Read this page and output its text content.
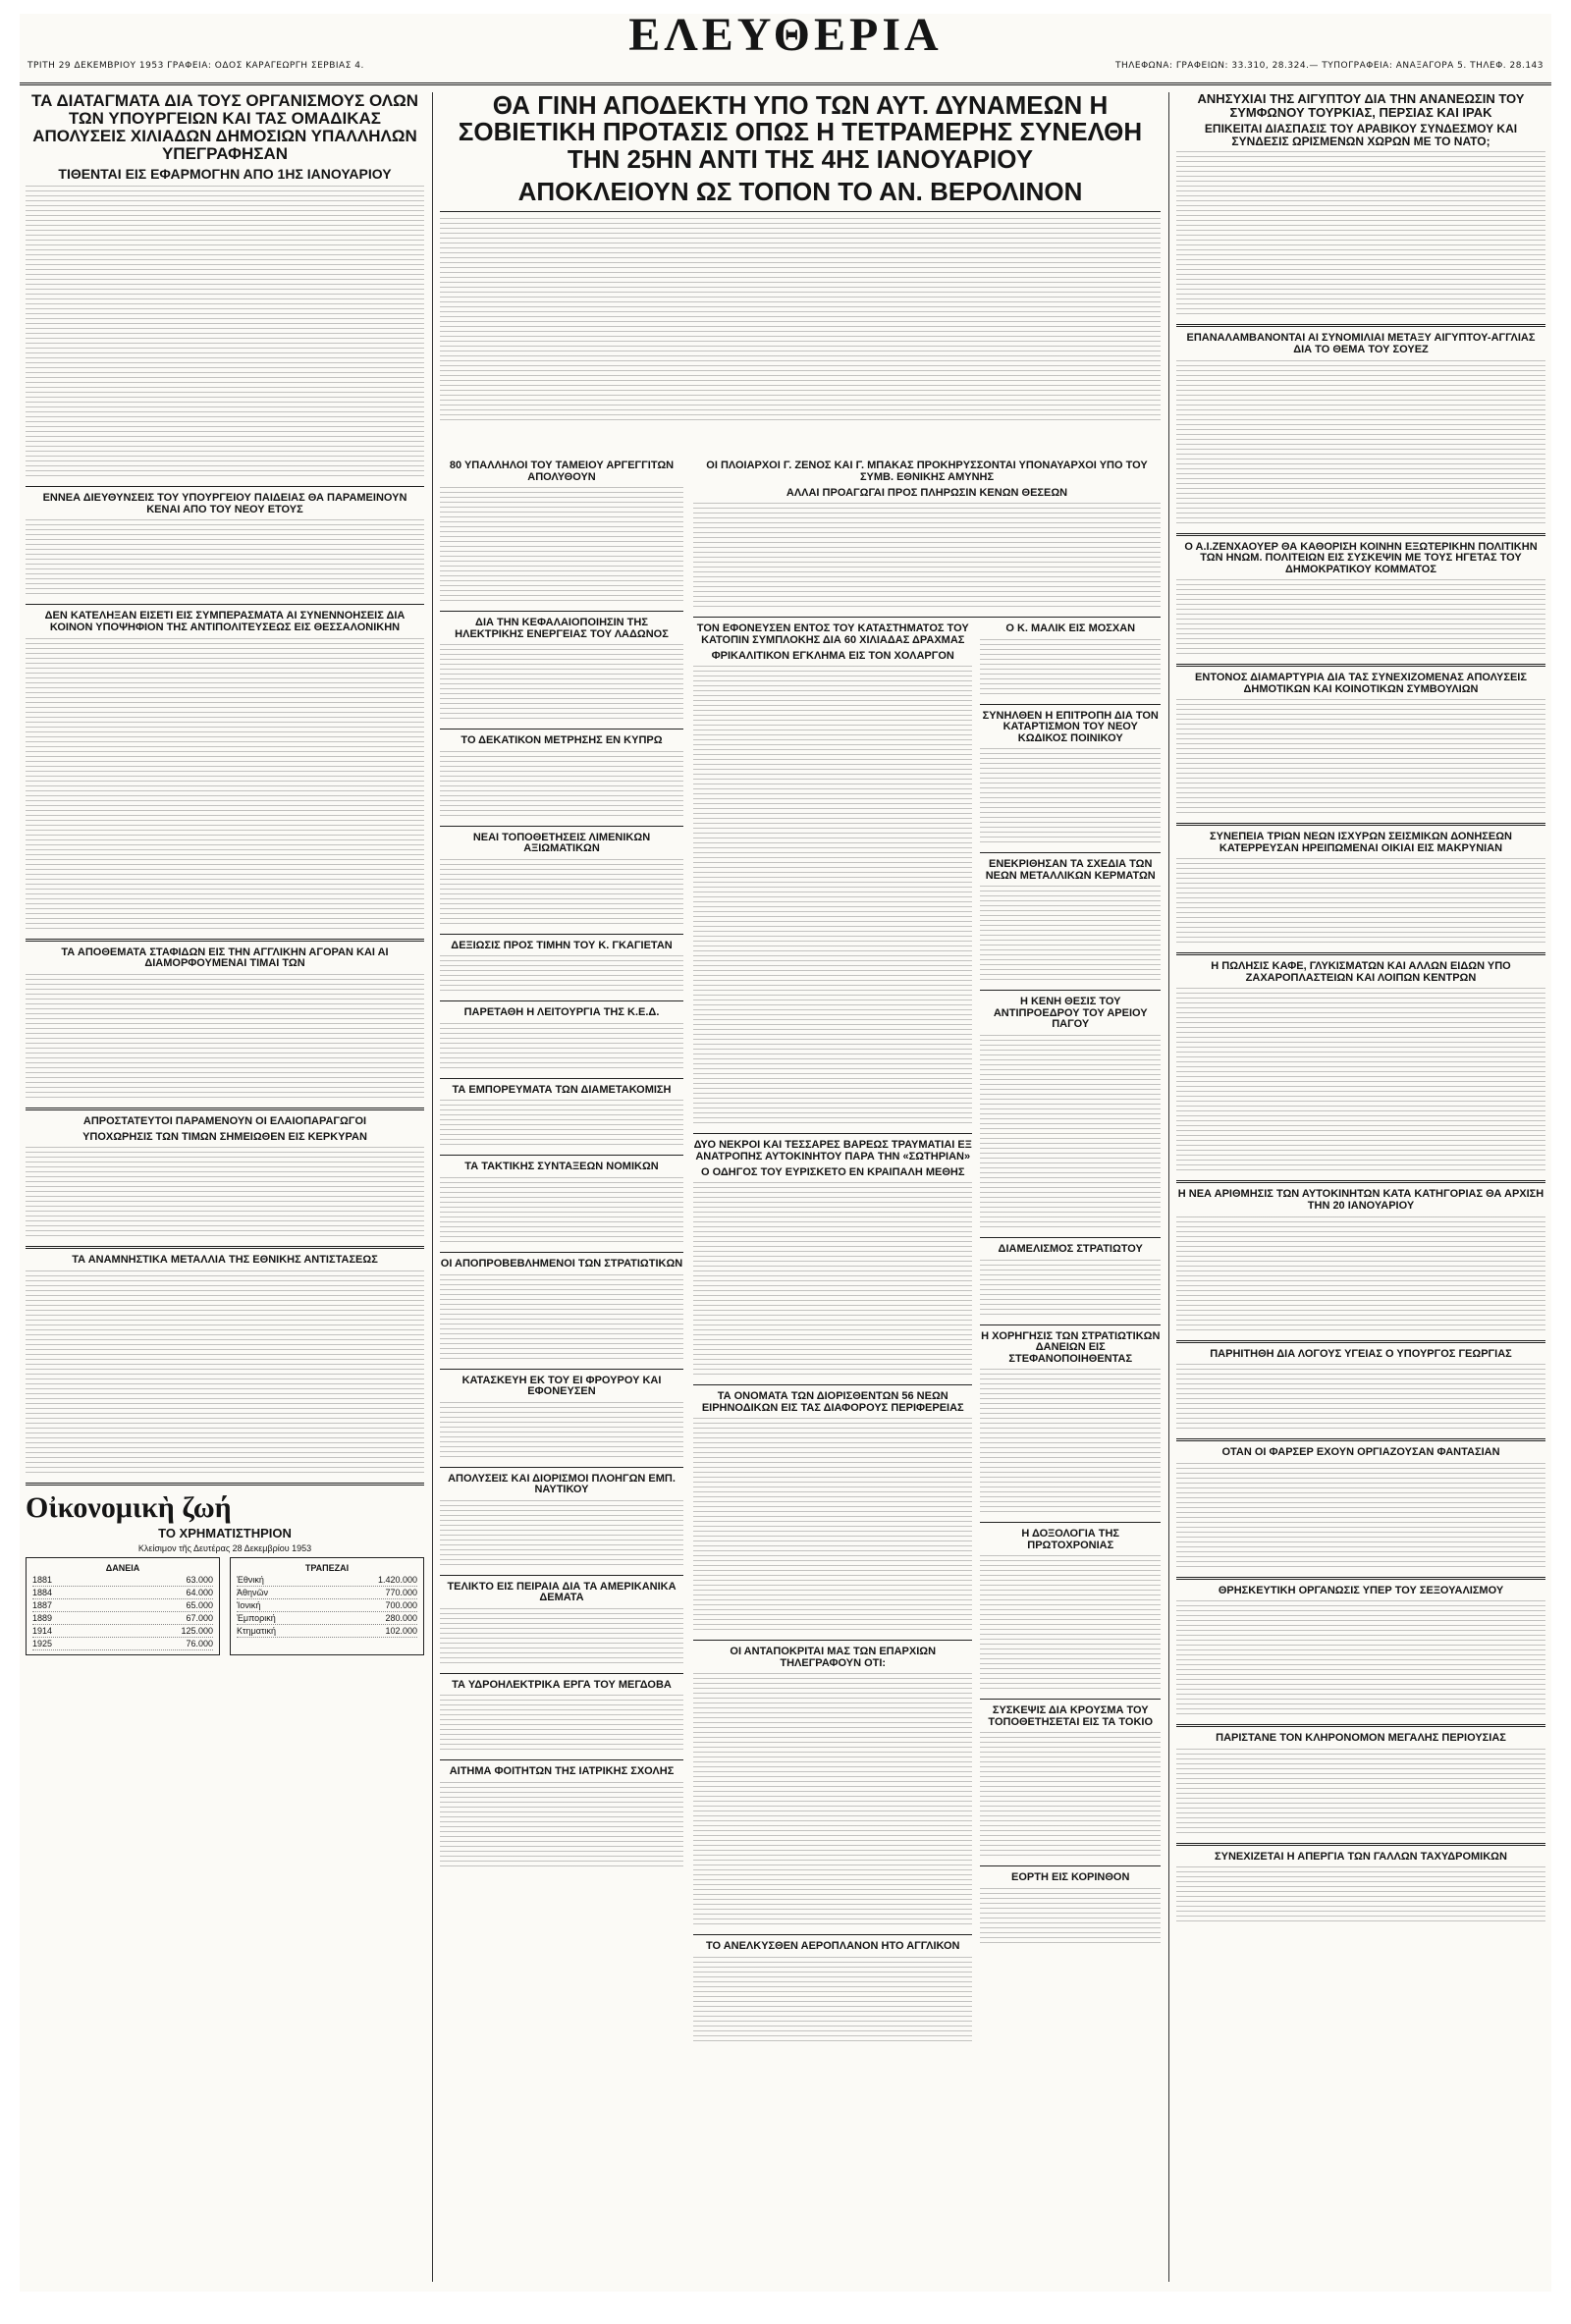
ΤΡΙΤΗ 29 ΔΕΚΕΜΒΡΙΟΥ 1953 ΓΡΑΦΕΙΑ: ΟΔΟΣ ΚΑΡΑΓΕΩΡΓΗ ΣΕΡΒΙΑΣ 4.
ΕΛΕΥΘΕΡΙΑ
ΤΗΛΕΦΩΝΑ: ΓΡΑΦΕΙΩΝ: 33.310, 28.324.— ΤΥΠΟΓΡΑΦΕΙΑ: ΑΝΑΞΑΓΟΡΑ 5. ΤΗΛΕΦ. 28.143
ΤΑ ΔΙΑΤΑΓΜΑΤΑ ΔΙΑ ΤΟΥΣ ΟΡΓΑΝΙΣΜΟΥΣ ΟΛΩΝ ΤΩΝ ΥΠΟΥΡΓΕΙΩΝ ΚΑΙ ΤΑΣ ΟΜΑΔΙΚΑΣ ΑΠΟΛΥΣΕΙΣ ΧΙΛΙΑΔΩΝ ΔΗΜΟΣΙΩΝ ΥΠΑΛΛΗΛΩΝ ΥΠΕΓΡΑΦΗΣΑΝ
ΤΙΘΕΝΤΑΙ ΕΙΣ ΕΦΑΡΜΟΓΗΝ ΑΠΟ 1ΗΣ ΙΑΝΟΥΑΡΙΟΥ
ΕΝΝΕΑ ΔΙΕΥΘΥΝΣΕΙΣ ΤΟΥ ΥΠΟΥΡΓΕΙΟΥ ΠΑΙΔΕΙΑΣ ΘΑ ΠΑΡΑΜΕΙΝΟΥΝ ΚΕΝΑΙ ΑΠΟ ΤΟΥ ΝΕΟΥ ΕΤΟΥΣ
ΔΕΝ ΚΑΤΕΛΗΞΑΝ ΕΙΣΕΤΙ ΕΙΣ ΣΥΜΠΕΡΑΣΜΑΤΑ ΑΙ ΣΥΝΕΝΝΟΗΣΕΙΣ ΔΙΑ ΚΟΙΝΟΝ ΥΠΟΨΗΦΙΟΝ ΤΗΣ ΑΝΤΙΠΟΛΙΤΕΥΣΕΩΣ ΕΙΣ ΘΕΣΣΑΛΟΝΙΚΗΝ
ΤΑ ΑΠΟΘΕΜΑΤΑ ΣΤΑΦΙΔΩΝ ΕΙΣ ΤΗΝ ΑΓΓΛΙΚΗΝ ΑΓΟΡΑΝ ΚΑΙ ΑΙ ΔΙΑΜΟΡΦΟΥΜΕΝΑΙ ΤΙΜΑΙ ΤΩΝ
ΑΠΡΟΣΤΑΤΕΥΤΟΙ ΠΑΡΑΜΕΝΟΥΝ ΟΙ ΕΛΑΙΟΠΑΡΑΓΩΓΟΙ
ΥΠΟΧΩΡΗΣΙΣ ΤΩΝ ΤΙΜΩΝ ΣΗΜΕΙΩΘΕΝ ΕΙΣ ΚΕΡΚΥΡΑΝ
ΤΑ ΑΝΑΜΝΗΣΤΙΚΑ ΜΕΤΑΛΛΙΑ ΤΗΣ ΕΘΝΙΚΗΣ ΑΝΤΙΣΤΑΣΕΩΣ
Οἰκονομικὴ ζωή
ΤΟ ΧΡΗΜΑΤΙΣΤΗΡΙΟΝ
Κλείσιμον τῆς Δευτέρας 28 Δεκεμβρίου 1953
ΔΑΝΕΙΑ
1881	63.000
1884	64.000
1887	65.000
1889	67.000
1914	125.000
1925	76.000
ΤΡΑΠΕΖΑΙ
Ἐθνική	1.420.000
Ἀθηνῶν	770.000
Ἰονική	700.000
Ἐμπορική	280.000
Κτηματική	102.000
ΘΑ ΓΙΝΗ ΑΠΟΔΕΚΤΗ ΥΠΟ ΤΩΝ ΑΥΤ. ΔΥΝΑΜΕΩΝ Η ΣΟΒΙΕΤΙΚΗ ΠΡΟΤΑΣΙΣ ΟΠΩΣ Η ΤΕΤΡΑΜΕΡΗΣ ΣΥΝΕΛΘΗ ΤΗΝ 25ΗΝ ΑΝΤΙ ΤΗΣ 4ΗΣ ΙΑΝΟΥΑΡΙΟΥ
ΑΠΟΚΛΕΙΟΥΝ ΩΣ ΤΟΠΟΝ ΤΟ ΑΝ. ΒΕΡΟΛΙΝΟΝ
80 ΥΠΑΛΛΗΛΟΙ ΤΟΥ ΤΑΜΕΙΟΥ ΑΡΓΕΓΓΙΤΩΝ ΑΠΟΛΥΘΟΥΝ
ΔΙΑ ΤΗΝ ΚΕΦΑΛΑΙΟΠΟΙΗΣΙΝ ΤΗΣ ΗΛΕΚΤΡΙΚΗΣ ΕΝΕΡΓΕΙΑΣ ΤΟΥ ΛΑΔΩΝΟΣ
ΤΟ ΔΕΚΑΤΙΚΟΝ ΜΕΤΡΗΣΗΣ ΕΝ ΚΥΠΡΩ
ΝΕΑΙ ΤΟΠΟΘΕΤΗΣΕΙΣ ΛΙΜΕΝΙΚΩΝ ΑΞΙΩΜΑΤΙΚΩΝ
ΔΕΞΙΩΣΙΣ ΠΡΟΣ ΤΙΜΗΝ ΤΟΥ Κ. ΓΚΑΓΙΕΤΑΝ
ΠΑΡΕΤΑΘΗ Η ΛΕΙΤΟΥΡΓΙΑ ΤΗΣ Κ.Ε.Δ.
ΤΑ ΕΜΠΟΡΕΥΜΑΤΑ ΤΩΝ ΔΙΑΜΕΤΑΚΟΜΙΣΗ
ΤΑ ΤΑΚΤΙΚΗΣ ΣΥΝΤΑΞΕΩΝ ΝΟΜΙΚΩΝ
ΟΙ ΑΠΟΠΡΟΒΕΒΛΗΜΕΝΟΙ ΤΩΝ ΣΤΡΑΤΙΩΤΙΚΩΝ
ΚΑΤΑΣΚΕΥΗ ΕΚ ΤΟΥ ΕΙ ΦΡΟΥΡΟΥ ΚΑΙ ΕΦΟΝΕΥΣΕΝ
ΑΠΟΛΥΣΕΙΣ ΚΑΙ ΔΙΟΡΙΣΜΟΙ ΠΛΟΗΓΩΝ ΕΜΠ. ΝΑΥΤΙΚΟΥ
ΤΕΛΙΚΤΟ ΕΙΣ ΠΕΙΡΑΙΑ ΔΙΑ ΤΑ ΑΜΕΡΙΚΑΝΙΚΑ ΔΕΜΑΤΑ
ΤΑ ΥΔΡΟΗΛΕΚΤΡΙΚΑ ΕΡΓΑ ΤΟΥ ΜΕΓΔΟΒΑ
ΑΙΤΗΜΑ ΦΟΙΤΗΤΩΝ ΤΗΣ ΙΑΤΡΙΚΗΣ ΣΧΟΛΗΣ
ΟΙ ΠΛΟΙΑΡΧΟΙ Γ. ΖΕΝΟΣ ΚΑΙ Γ. ΜΠΑΚΑΣ ΠΡΟΚΗΡΥΣΣΟΝΤΑΙ ΥΠΟΝΑΥΑΡΧΟΙ ΥΠΟ ΤΟΥ ΣΥΜΒ. ΕΘΝΙΚΗΣ ΑΜΥΝΗΣ
ΑΛΛΑΙ ΠΡΟΑΓΩΓΑΙ ΠΡΟΣ ΠΛΗΡΩΣΙΝ ΚΕΝΩΝ ΘΕΣΕΩΝ
ΤΟΝ ΕΦΟΝΕΥΣΕΝ ΕΝΤΟΣ ΤΟΥ ΚΑΤΑΣΤΗΜΑΤΟΣ ΤΟΥ ΚΑΤΟΠΙΝ ΣΥΜΠΛΟΚΗΣ ΔΙΑ 60 ΧΙΛΙΑΔΑΣ ΔΡΑΧΜΑΣ
ΦΡΙΚΑΛΙΤΙΚΟΝ ΕΓΚΛΗΜΑ ΕΙΣ ΤΟΝ ΧΟΛΑΡΓΟΝ
ΔΥΟ ΝΕΚΡΟΙ ΚΑΙ ΤΕΣΣΑΡΕΣ ΒΑΡΕΩΣ ΤΡΑΥΜΑΤΙΑΙ ΕΞ ΑΝΑΤΡΟΠΗΣ ΑΥΤΟΚΙΝΗΤΟΥ ΠΑΡΑ ΤΗΝ «ΣΩΤΗΡΙΑΝ»
Ο ΟΔΗΓΟΣ ΤΟΥ ΕΥΡΙΣΚΕΤΟ ΕΝ ΚΡΑΙΠΑΛΗ ΜΕΘΗΣ
ΤΑ ΟΝΟΜΑΤΑ ΤΩΝ ΔΙΟΡΙΣΘΕΝΤΩΝ 56 ΝΕΩΝ ΕΙΡΗΝΟΔΙΚΩΝ ΕΙΣ ΤΑΣ ΔΙΑΦΟΡΟΥΣ ΠΕΡΙΦΕΡΕΙΑΣ
ΟΙ ΑΝΤΑΠΟΚΡΙΤΑΙ ΜΑΣ ΤΩΝ ΕΠΑΡΧΙΩΝ ΤΗΛΕΓΡΑΦΟΥΝ ΟΤΙ:
ΤΟ ΑΝΕΛΚΥΣΘΕΝ ΑΕΡΟΠΛΑΝΟΝ ΗΤΟ ΑΓΓΛΙΚΟΝ
Ο Κ. ΜΑΛΙΚ ΕΙΣ ΜΟΣΧΑΝ
ΣΥΝΗΛΘΕΝ Η ΕΠΙΤΡΟΠΗ ΔΙΑ ΤΟΝ ΚΑΤΑΡΤΙΣΜΟΝ ΤΟΥ ΝΕΟΥ ΚΩΔΙΚΟΣ ΠΟΙΝΙΚΟΥ
ΕΝΕΚΡΙΘΗΣΑΝ ΤΑ ΣΧΕΔΙΑ ΤΩΝ ΝΕΩΝ ΜΕΤΑΛΛΙΚΩΝ ΚΕΡΜΑΤΩΝ
Η ΚΕΝΗ ΘΕΣΙΣ ΤΟΥ ΑΝΤΙΠΡΟΕΔΡΟΥ ΤΟΥ ΑΡΕΙΟΥ ΠΑΓΟΥ
ΔΙΑΜΕΛΙΣΜΟΣ ΣΤΡΑΤΙΩΤΟΥ
Η ΧΟΡΗΓΗΣΙΣ ΤΩΝ ΣΤΡΑΤΙΩΤΙΚΩΝ ΔΑΝΕΙΩΝ ΕΙΣ ΣΤΕΦΑΝΟΠΟΙΗΘΕΝΤΑΣ
Η ΔΟΞΟΛΟΓΙΑ ΤΗΣ ΠΡΩΤΟΧΡΟΝΙΑΣ
ΣΥΣΚΕΨΙΣ ΔΙΑ ΚΡΟΥΣΜΑ ΤΟΥ ΤΟΠΟΘΕΤΗΣΕΤΑΙ ΕΙΣ ΤΑ ΤΟΚΙΟ
ΕΟΡΤΗ ΕΙΣ ΚΟΡΙΝΘΟΝ
ΑΝΗΣΥΧΙΑΙ ΤΗΣ ΑΙΓΥΠΤΟΥ ΔΙΑ ΤΗΝ ΑΝΑΝΕΩΣΙΝ ΤΟΥ ΣΥΜΦΩΝΟΥ ΤΟΥΡΚΙΑΣ, ΠΕΡΣΙΑΣ ΚΑΙ ΙΡΑΚ
ΕΠΙΚΕΙΤΑΙ ΔΙΑΣΠΑΣΙΣ ΤΟΥ ΑΡΑΒΙΚΟΥ ΣΥΝΔΕΣΜΟΥ ΚΑΙ ΣΥΝΔΕΣΙΣ ΩΡΙΣΜΕΝΩΝ ΧΩΡΩΝ ΜΕ ΤΟ ΝΑΤΟ;
ΕΠΑΝΑΛΑΜΒΑΝΟΝΤΑΙ ΑΙ ΣΥΝΟΜΙΛΙΑΙ ΜΕΤΑΞΥ ΑΙΓΥΠΤΟΥ-ΑΓΓΛΙΑΣ ΔΙΑ ΤΟ ΘΕΜΑ ΤΟΥ ΣΟΥΕΖ
Ο Α.Ι.ΖΕΝΧΑΟΥΕΡ ΘΑ ΚΑΘΟΡΙΣΗ ΚΟΙΝΗΝ ΕΞΩΤΕΡΙΚΗΝ ΠΟΛΙΤΙΚΗΝ ΤΩΝ ΗΝΩΜ. ΠΟΛΙΤΕΙΩΝ ΕΙΣ ΣΥΣΚΕΨΙΝ ΜΕ ΤΟΥΣ ΗΓΕΤΑΣ ΤΟΥ ΔΗΜΟΚΡΑΤΙΚΟΥ ΚΟΜΜΑΤΟΣ
ΕΝΤΟΝΟΣ ΔΙΑΜΑΡΤΥΡΙΑ ΔΙΑ ΤΑΣ ΣΥΝΕΧΙΖΟΜΕΝΑΣ ΑΠΟΛΥΣΕΙΣ ΔΗΜΟΤΙΚΩΝ ΚΑΙ ΚΟΙΝΟΤΙΚΩΝ ΣΥΜΒΟΥΛΙΩΝ
ΣΥΝΕΠΕΙΑ ΤΡΙΩΝ ΝΕΩΝ ΙΣΧΥΡΩΝ ΣΕΙΣΜΙΚΩΝ ΔΟΝΗΣΕΩΝ ΚΑΤΕΡΡΕΥΣΑΝ ΗΡΕΙΠΩΜΕΝΑΙ ΟΙΚΙΑΙ ΕΙΣ ΜΑΚΡΥΝΙΑΝ
Η ΠΩΛΗΣΙΣ ΚΑΦΕ, ΓΛΥΚΙΣΜΑΤΩΝ ΚΑΙ ΑΛΛΩΝ ΕΙΔΩΝ ΥΠΟ ΖΑΧΑΡΟΠΛΑΣΤΕΙΩΝ ΚΑΙ ΛΟΙΠΩΝ ΚΕΝΤΡΩΝ
Η ΝΕΑ ΑΡΙΘΜΗΣΙΣ ΤΩΝ ΑΥΤΟΚΙΝΗΤΩΝ ΚΑΤΑ ΚΑΤΗΓΟΡΙΑΣ ΘΑ ΑΡΧΙΣΗ ΤΗΝ 20 ΙΑΝΟΥΑΡΙΟΥ
ΠΑΡΗΙΤΗΘΗ ΔΙΑ ΛΟΓΟΥΣ ΥΓΕΙΑΣ Ο ΥΠΟΥΡΓΟΣ ΓΕΩΡΓΙΑΣ
ΟΤΑΝ ΟΙ ΦΑΡΣΕΡ ΕΧΟΥΝ ΟΡΓΙΑΖΟΥΣΑΝ ΦΑΝΤΑΣΙΑΝ
ΘΡΗΣΚΕΥΤΙΚΗ ΟΡΓΑΝΩΣΙΣ ΥΠΕΡ ΤΟΥ ΣΕΞΟΥΑΛΙΣΜΟΥ
ΠΑΡΙΣΤΑΝΕ ΤΟΝ ΚΛΗΡΟΝΟΜΟΝ ΜΕΓΑΛΗΣ ΠΕΡΙΟΥΣΙΑΣ
ΣΥΝΕΧΙΖΕΤΑΙ Η ΑΠΕΡΓΙΑ ΤΩΝ ΓΑΛΛΩΝ ΤΑΧΥΔΡΟΜΙΚΩΝ
